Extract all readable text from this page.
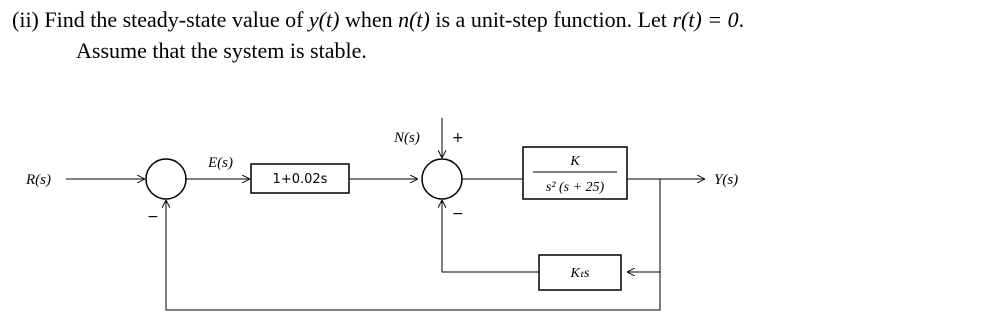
(ii) Find the steady-state value of y(t) when n(t) is a unit-step function. Let r(t) = 0.
Assume that the system is stable.
R(s)
−
E(s)
1+0.02s
N(s) +
−
K
s² (s + 25)	Y(s)
Kₜs
